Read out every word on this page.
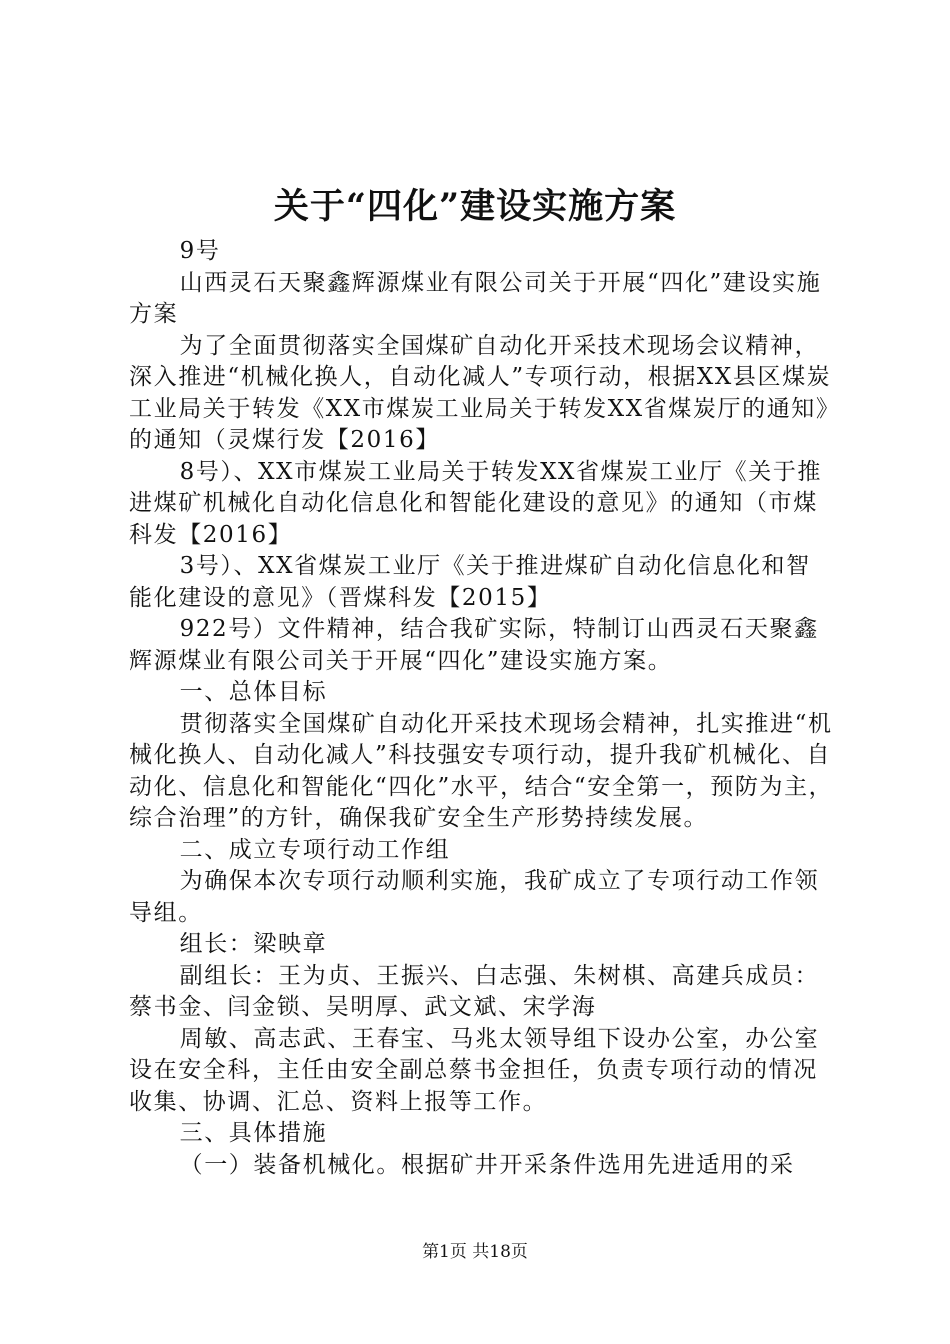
关于“四化”建设实施方案

9号

山西灵石天聚鑫辉源煤业有限公司关于开展“四化”建设实施方案

为了全面贯彻落实全国煤矿自动化开采技术现场会议精神，深入推进“机械化换人，自动化减人”专项行动，根据XX县区煤炭工业局关于转发《XX市煤炭工业局关于转发XX省煤炭厅的通知》的通知（灵煤行发【2016】

8号）、XX市煤炭工业局关于转发XX省煤炭工业厅《关于推进煤矿机械化自动化信息化和智能化建设的意见》的通知（市煤科发【2016】

3号）、XX省煤炭工业厅《关于推进煤矿自动化信息化和智能化建设的意见》（晋煤科发【2015】

922号）文件精神，结合我矿实际，特制订山西灵石天聚鑫辉源煤业有限公司关于开展“四化”建设实施方案。

一、总体目标

贯彻落实全国煤矿自动化开采技术现场会精神，扎实推进“机械化换人、自动化减人”科技强安专项行动，提升我矿机械化、自动化、信息化和智能化“四化”水平，结合“安全第一，预防为主，综合治理”的方针，确保我矿安全生产形势持续发展。

二、成立专项行动工作组

为确保本次专项行动顺利实施，我矿成立了专项行动工作领导组。

组长：梁映章

副组长：王为贞、王振兴、白志强、朱树棋、高建兵成员：蔡书金、闫金锁、吴明厚、武文斌、宋学海

周敏、高志武、王春宝、马兆太领导组下设办公室，办公室设在安全科，主任由安全副总蔡书金担任，负责专项行动的情况收集、协调、汇总、资料上报等工作。

三、具体措施

（一）装备机械化。根据矿井开采条件选用先进适用的采

第1页 共18页
